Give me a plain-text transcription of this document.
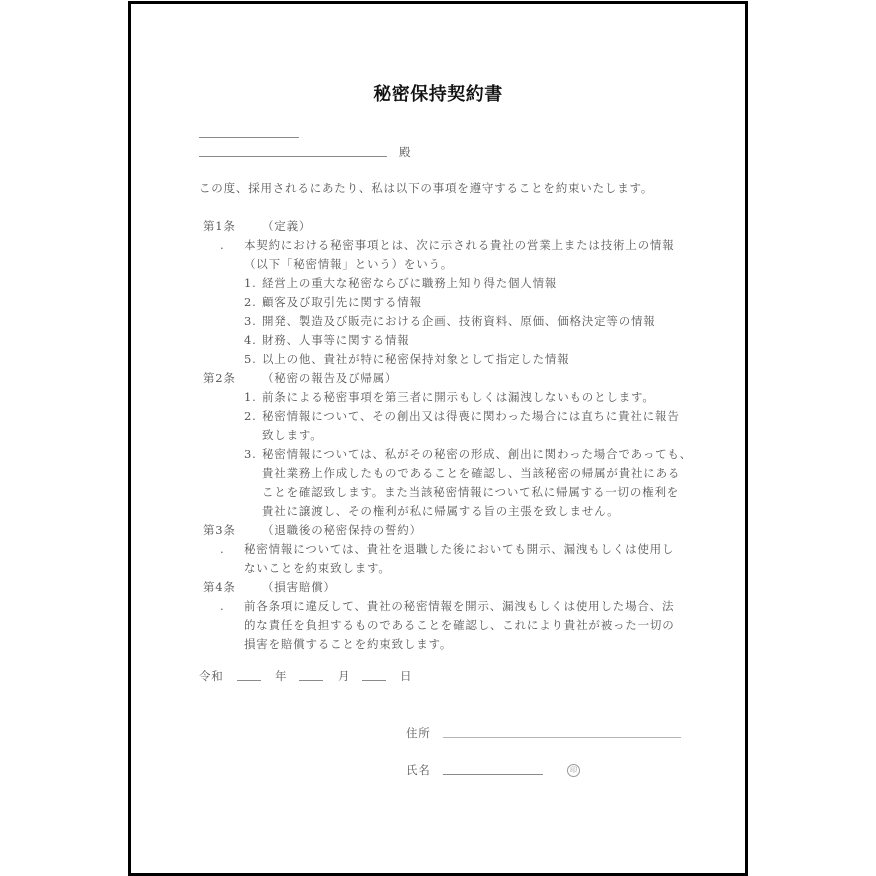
秘密保持契約書
殿
この度、採用されるにあたり、私は以下の事項を遵守することを約束いたします。
第1条 （定義）
. 本契約における秘密事項とは、次に示される貴社の営業上または技術上の情報
（以下「秘密情報」という）をいう。
1. 経営上の重大な秘密ならびに職務上知り得た個人情報
2. 顧客及び取引先に関する情報
3. 開発、製造及び販売における企画、技術資料、原価、価格決定等の情報
4. 財務、人事等に関する情報
5. 以上の他、貴社が特に秘密保持対象として指定した情報
第2条 （秘密の報告及び帰属）
1. 前条による秘密事項を第三者に開示もしくは漏洩しないものとします。
2. 秘密情報について、その創出又は得喪に関わった場合には直ちに貴社に報告
致します。
3. 秘密情報については、私がその秘密の形成、創出に関わった場合であっても、
貴社業務上作成したものであることを確認し、当該秘密の帰属が貴社にある
ことを確認致します。また当該秘密情報について私に帰属する一切の権利を
貴社に譲渡し、その権利が私に帰属する旨の主張を致しません。
第3条 （退職後の秘密保持の誓約）
. 秘密情報については、貴社を退職した後においても開示、漏洩もしくは使用し
ないことを約束致します。
第4条 （損害賠償）
. 前各条項に違反して、貴社の秘密情報を開示、漏洩もしくは使用した場合、法
的な責任を負担するものであることを確認し、これにより貴社が被った一切の
損害を賠償することを約束致します。
令和	年	月	日
住所
氏名	印
